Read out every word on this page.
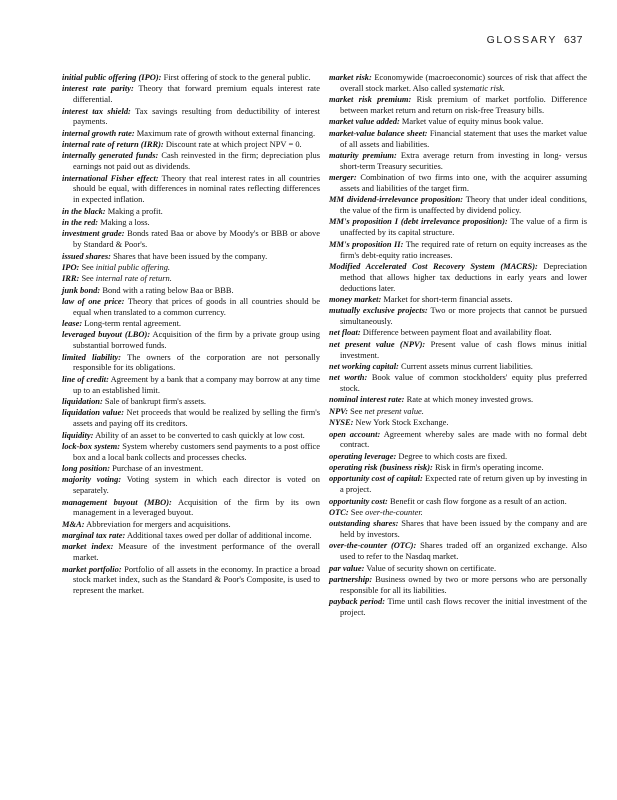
GLOSSARY 637

initial public offering (IPO): First offering of stock to the general public.

interest rate parity: Theory that forward premium equals interest rate differential.

interest tax shield: Tax savings resulting from deductibility of interest payments.

internal growth rate: Maximum rate of growth without external financing.

internal rate of return (IRR): Discount rate at which project NPV = 0.

internally generated funds: Cash reinvested in the firm; depreciation plus earnings not paid out as dividends.

international Fisher effect: Theory that real interest rates in all countries should be equal, with differences in nominal rates reflecting differences in expected inflation.

in the black: Making a profit.

in the red: Making a loss.

investment grade: Bonds rated Baa or above by Moody's or BBB or above by Standard & Poor's.

issued shares: Shares that have been issued by the company.

IPO: See initial public offering.

IRR: See internal rate of return.

junk bond: Bond with a rating below Baa or BBB.

law of one price: Theory that prices of goods in all countries should be equal when translated to a common currency.

lease: Long-term rental agreement.

leveraged buyout (LBO): Acquisition of the firm by a private group using substantial borrowed funds.

limited liability: The owners of the corporation are not personally responsible for its obligations.

line of credit: Agreement by a bank that a company may borrow at any time up to an established limit.

liquidation: Sale of bankrupt firm's assets.

liquidation value: Net proceeds that would be realized by selling the firm's assets and paying off its creditors.

liquidity: Ability of an asset to be converted to cash quickly at low cost.

lock-box system: System whereby customers send payments to a post office box and a local bank collects and processes checks.

long position: Purchase of an investment.

majority voting: Voting system in which each director is voted on separately.

management buyout (MBO): Acquisition of the firm by its own management in a leveraged buyout.

M&A: Abbreviation for mergers and acquisitions.

marginal tax rate: Additional taxes owed per dollar of additional income.

market index: Measure of the investment performance of the overall market.

market portfolio: Portfolio of all assets in the economy. In practice a broad stock market index, such as the Standard & Poor's Composite, is used to represent the market.

market risk: Economywide (macroeconomic) sources of risk that affect the overall stock market. Also called systematic risk.

market risk premium: Risk premium of market portfolio. Difference between market return and return on risk-free Treasury bills.

market value added: Market value of equity minus book value.

market-value balance sheet: Financial statement that uses the market value of all assets and liabilities.

maturity premium: Extra average return from investing in long- versus short-term Treasury securities.

merger: Combination of two firms into one, with the acquirer assuming assets and liabilities of the target firm.

MM dividend-irrelevance proposition: Theory that under ideal conditions, the value of the firm is unaffected by dividend policy.

MM's proposition I (debt irrelevance proposition): The value of a firm is unaffected by its capital structure.

MM's proposition II: The required rate of return on equity increases as the firm's debt-equity ratio increases.

Modified Accelerated Cost Recovery System (MACRS): Depreciation method that allows higher tax deductions in early years and lower deductions later.

money market: Market for short-term financial assets.

mutually exclusive projects: Two or more projects that cannot be pursued simultaneously.

net float: Difference between payment float and availability float.

net present value (NPV): Present value of cash flows minus initial investment.

net working capital: Current assets minus current liabilities.

net worth: Book value of common stockholders' equity plus preferred stock.

nominal interest rate: Rate at which money invested grows.

NPV: See net present value.

NYSE: New York Stock Exchange.

open account: Agreement whereby sales are made with no formal debt contract.

operating leverage: Degree to which costs are fixed.

operating risk (business risk): Risk in firm's operating income.

opportunity cost of capital: Expected rate of return given up by investing in a project.

opportunity cost: Benefit or cash flow forgone as a result of an action.

OTC: See over-the-counter.

outstanding shares: Shares that have been issued by the company and are held by investors.

over-the-counter (OTC): Shares traded off an organized exchange. Also used to refer to the Nasdaq market.

par value: Value of security shown on certificate.

partnership: Business owned by two or more persons who are personally responsible for all its liabilities.

payback period: Time until cash flows recover the initial investment of the project.
